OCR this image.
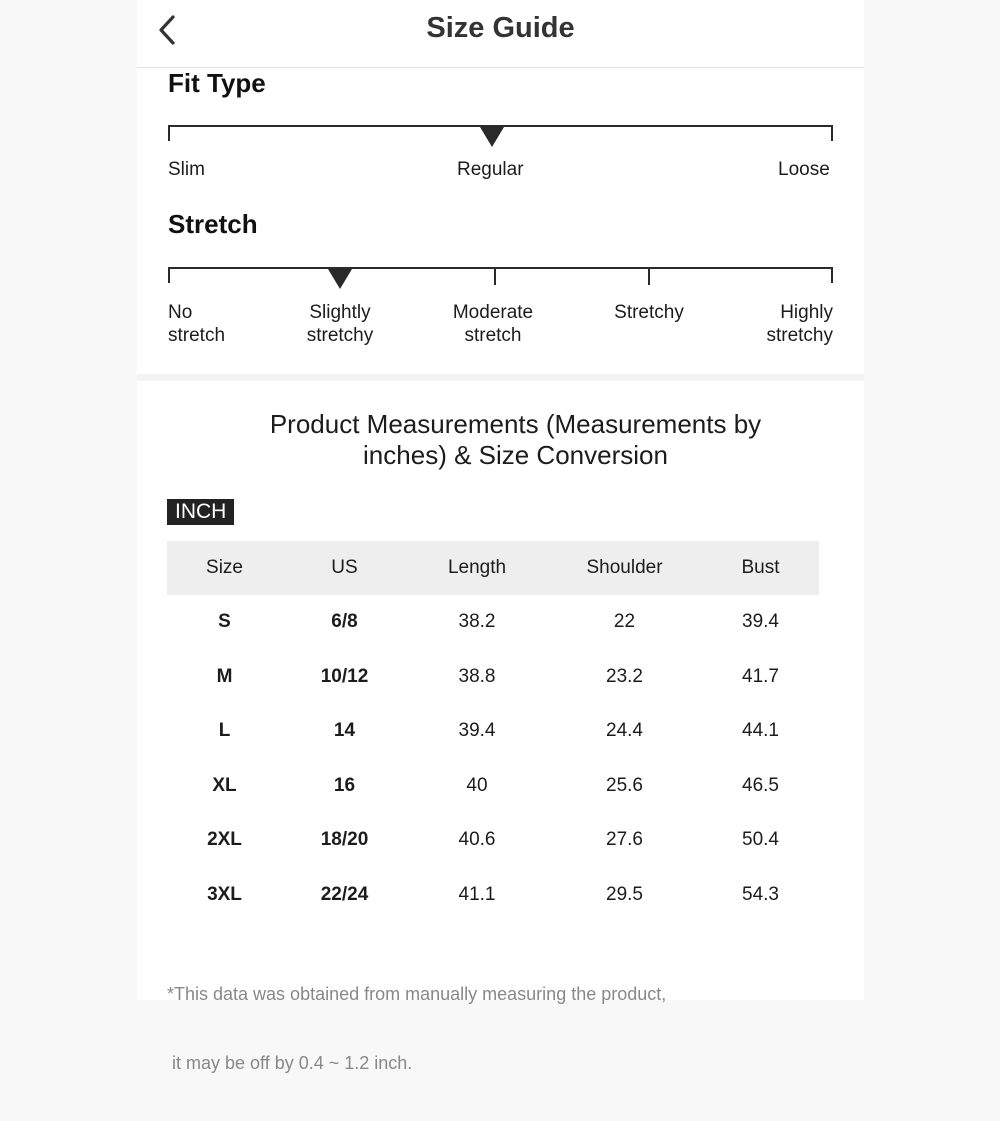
Size Guide
Fit Type
Slim	Regular	Loose
Stretch
No
stretch
Slightly
stretchy
Moderate
stretch
Stretchy	Highly
stretchy
Product Measurements (Measurements by
inches) & Size Conversion
INCH
Size	US	Length	Shoulder	Bust
S	6/8	38.2	22	39.4
M	10/12	38.8	23.2	41.7
L	14	39.4	24.4	44.1
XL	16	40	25.6	46.5
2XL	18/20	40.6	27.6	50.4
3XL	22/24	41.1	29.5	54.3

*This data was obtained from manually measuring the product,

it may be off by 0.4 ~ 1.2 inch.
